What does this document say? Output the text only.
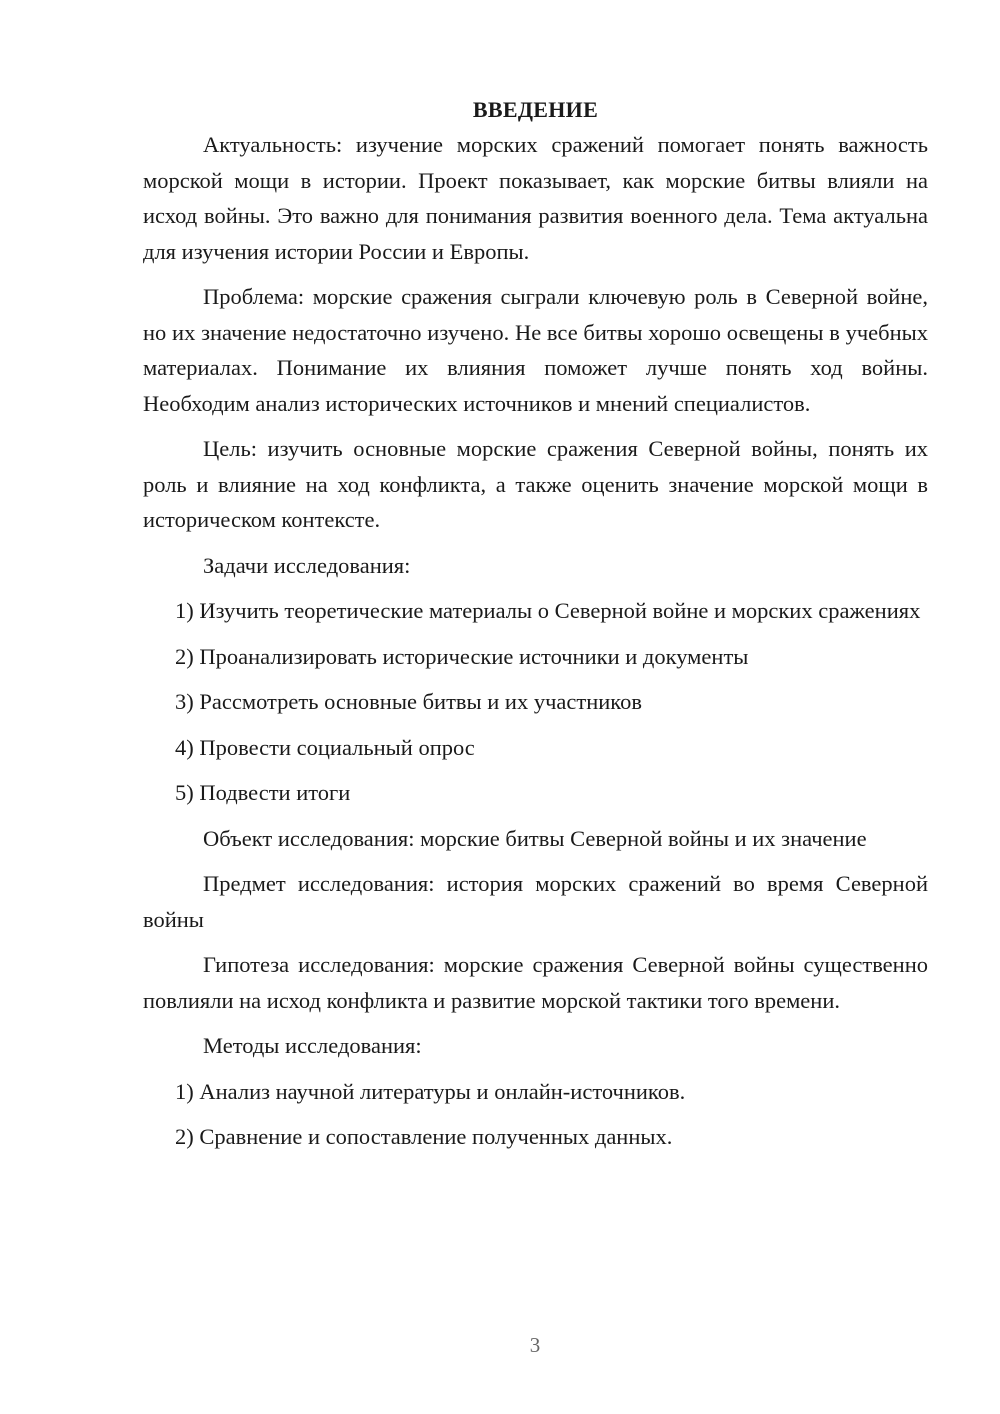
ВВЕДЕНИЕ

Актуальность: изучение морских сражений помогает понять важность морской мощи в истории. Проект показывает, как морские битвы влияли на исход войны. Это важно для понимания развития военного дела. Тема актуальна для изучения истории России и Европы.

Проблема: морские сражения сыграли ключевую роль в Северной войне, но их значение недостаточно изучено. Не все битвы хорошо освещены в учебных материалах. Понимание их влияния поможет лучше понять ход войны. Необходим анализ исторических источников и мнений специалистов.

Цель: изучить основные морские сражения Северной войны, понять их роль и влияние на ход конфликта, а также оценить значение морской мощи в историческом контексте.

Задачи исследования:

1) Изучить теоретические материалы о Северной войне и морских сражениях

2) Проанализировать исторические источники и документы

3) Рассмотреть основные битвы и их участников

4) Провести социальный опрос

5) Подвести итоги

Объект исследования: морские битвы Северной войны и их значение

Предмет исследования: история морских сражений во время Северной войны

Гипотеза исследования: морские сражения Северной войны существенно повлияли на исход конфликта и развитие морской тактики того времени.

Методы исследования:

1) Анализ научной литературы и онлайн-источников.

2) Сравнение и сопоставление полученных данных.

3
